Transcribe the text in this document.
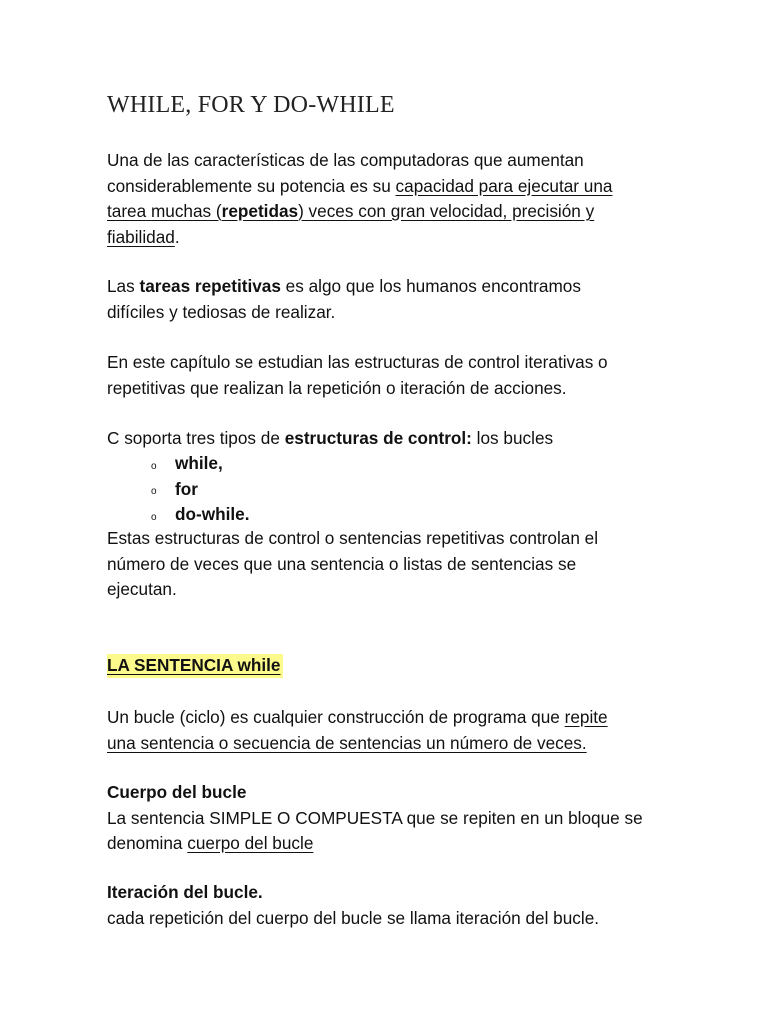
WHILE, FOR Y DO-WHILE

Una de las características de las computadoras que aumentan
considerablemente su potencia es su capacidad para ejecutar una
tarea muchas (repetidas) veces con gran velocidad, precisión y
fiabilidad.

Las tareas repetitivas es algo que los humanos encontramos
difíciles y tediosas de realizar.

En este capítulo se estudian las estructuras de control iterativas o
repetitivas que realizan la repetición o iteración de acciones.

C soporta tres tipos de estructuras de control: los bucles

o	while,
o	for
o	do-while.

Estas estructuras de control o sentencias repetitivas controlan el
número de veces que una sentencia o listas de sentencias se
ejecutan.

LA SENTENCIA while

Un bucle (ciclo) es cualquier construcción de programa que repite
una sentencia o secuencia de sentencias un número de veces.

Cuerpo del bucle
La sentencia SIMPLE O COMPUESTA que se repiten en un bloque se
denomina cuerpo del bucle

Iteración del bucle.
cada repetición del cuerpo del bucle se llama iteración del bucle.
